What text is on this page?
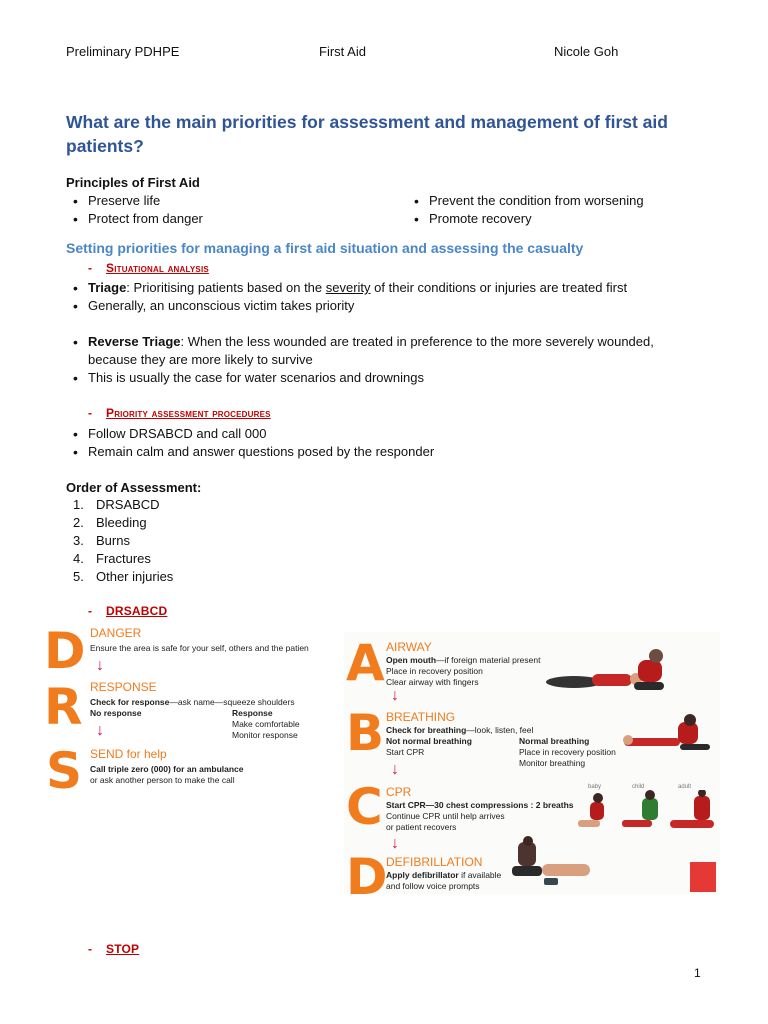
Preliminary PDHPE	First Aid	Nicole Goh
What are the main priorities for assessment and management of first aid patients?
Principles of First Aid
• Preserve life
• Protect from danger
• Prevent the condition from worsening
• Promote recovery
Setting priorities for managing a first aid situation and assessing the casualty
- Situational analysis
• Triage: Prioritising patients based on the severity of their conditions or injuries are treated first
• Generally, an unconscious victim takes priority
• Reverse Triage: When the less wounded are treated in preference to the more severely wounded, because they are more likely to survive
• This is usually the case for water scenarios and drownings
- Priority assessment procedures
• Follow DRSABCD and call 000
• Remain calm and answer questions posed by the responder
Order of Assessment:
1. DRSABCD
2. Bleeding
3. Burns
4. Fractures
5. Other injuries
- DRSABCD
D DANGER
Ensure the area is safe for your self, others and the patien
↓
R RESPONSE
Check for response—ask name—squeeze shoulders
No response	Response
Make comfortable
Monitor response
↓
S SEND for help
Call triple zero (000) for an ambulance
or ask another person to make the call
A AIRWAY
Open mouth—if foreign material present
Place in recovery position
Clear airway with fingers
↓
B BREATHING
Check for breathing—look, listen, feel
Not normal breathing
Start CPR
Normal breathing
Place in recovery position
Monitor breathing
↓
C CPR
Start CPR—30 chest compressions : 2 breaths
Continue CPR until help arrives
or patient recovers
baby	child	adult
↓
D
DEFIBRILLATION
Apply defibrillator if available
and follow voice prompts
- STOP
1
